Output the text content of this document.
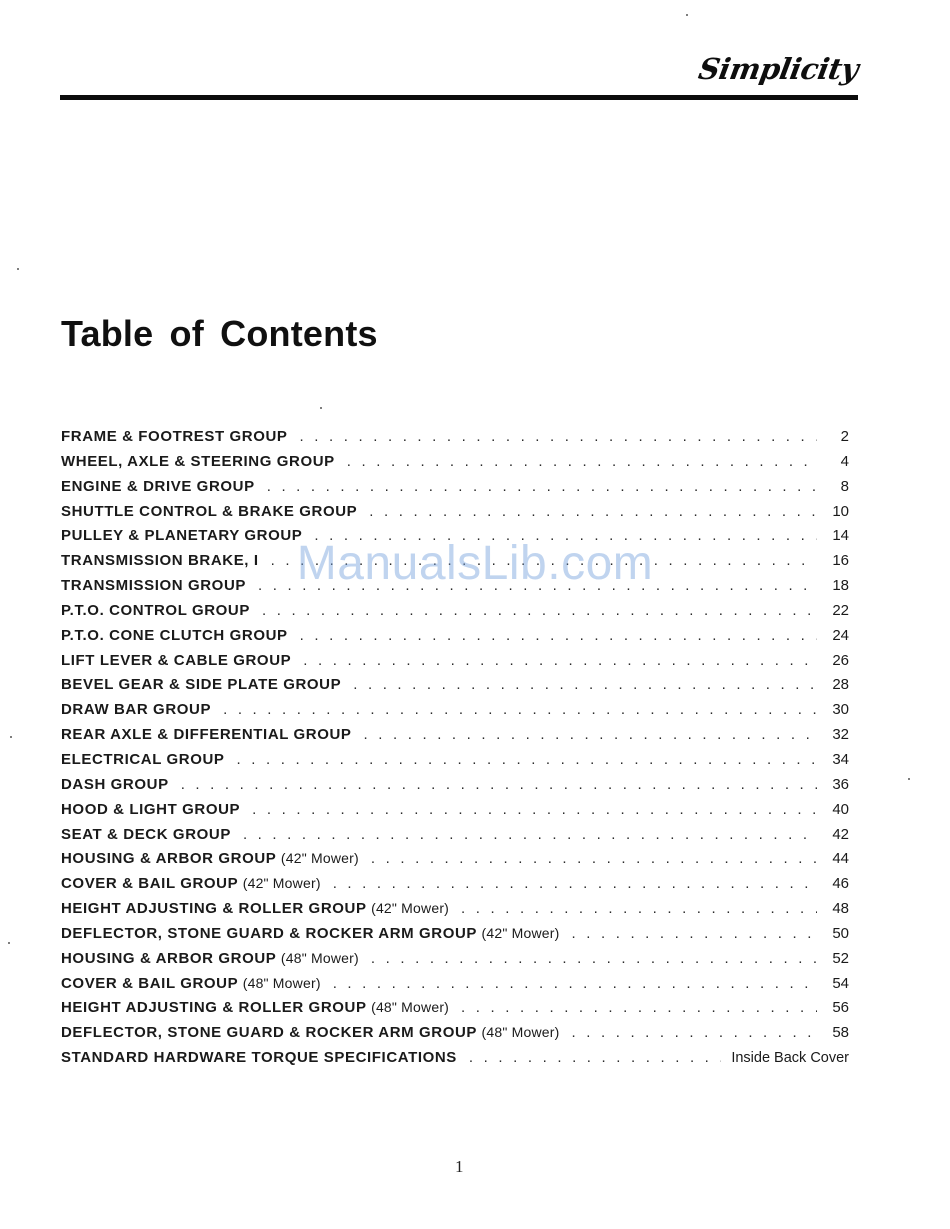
Simplicity
Table of Contents
FRAME & FOOTREST GROUP . . .	2
WHEEL, AXLE & STEERING GROUP . . .	4
ENGINE & DRIVE GROUP . . .	8
SHUTTLE CONTROL & BRAKE GROUP . . .	10
PULLEY & PLANETARY GROUP . . .	14
TRANSMISSION BRAKE, I . . .	16
TRANSMISSION GROUP . . .	18
P.T.O. CONTROL GROUP . . .	22
P.T.O. CONE CLUTCH GROUP . . .	24
LIFT LEVER & CABLE GROUP . . .	26
BEVEL GEAR & SIDE PLATE GROUP . . .	28
DRAW BAR GROUP . . .	30
REAR AXLE & DIFFERENTIAL GROUP . . .	32
ELECTRICAL GROUP . . .	34
DASH GROUP . . .	36
HOOD & LIGHT GROUP . . .	40
SEAT & DECK GROUP . . .	42
HOUSING & ARBOR GROUP (42" Mower) . . .	44
COVER & BAIL GROUP (42" Mower) . . .	46
HEIGHT ADJUSTING & ROLLER GROUP (42" Mower) . . .	48
DEFLECTOR, STONE GUARD & ROCKER ARM GROUP (42" Mower) . . .	50
HOUSING & ARBOR GROUP (48" Mower) . . .	52
COVER & BAIL GROUP (48" Mower) . . .	54
HEIGHT ADJUSTING & ROLLER GROUP (48" Mower) . . .	56
DEFLECTOR, STONE GUARD & ROCKER ARM GROUP (48" Mower) . . .	58
STANDARD HARDWARE TORQUE SPECIFICATIONS . . .	Inside Back Cover
ManualsLib.com
1
